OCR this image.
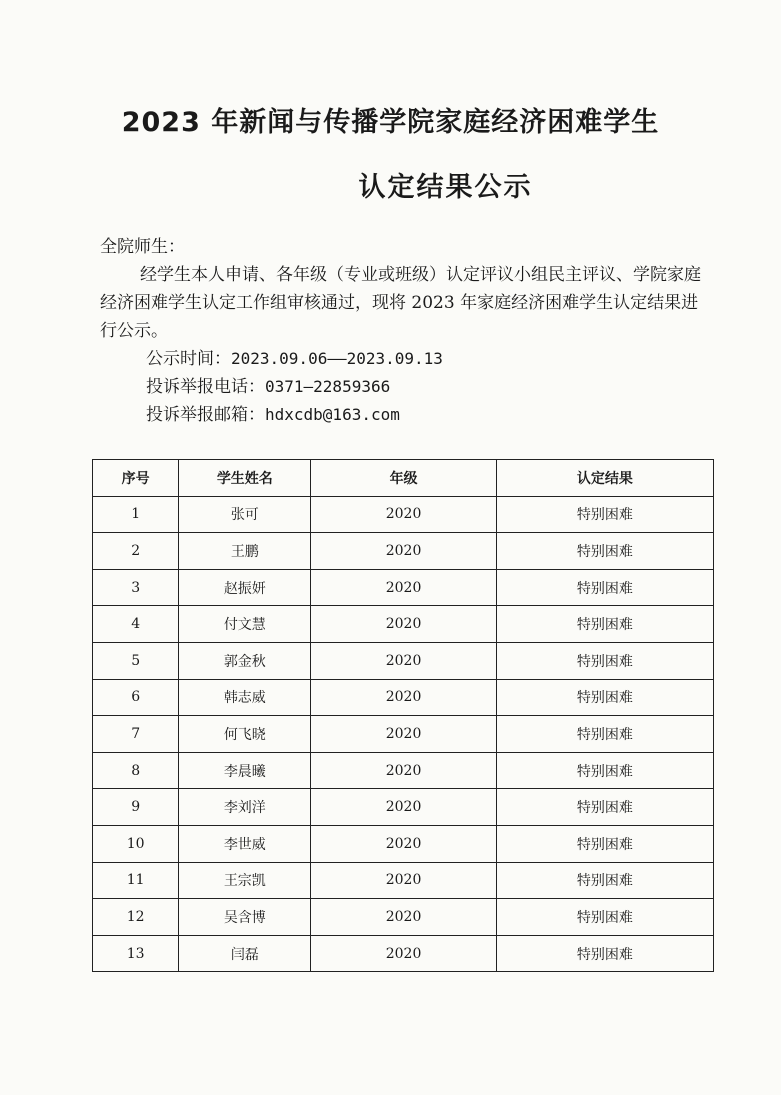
2023 年新闻与传播学院家庭经济困难学生
认定结果公示

全院师生：

经学生本人申请、各年级（专业或班级）认定评议小组民主评议、学院家庭经济困难学生认定工作组审核通过，现将 2023 年家庭经济困难学生认定结果进行公示。

公示时间：2023.09.06——2023.09.13

投诉举报电话：0371—22859366

投诉举报邮箱：hdxcdb@163.com

序号	学生姓名	年级	认定结果
1	张可	2020	特别困难
2	王鹏	2020	特别困难
3	赵振妍	2020	特别困难
4	付文慧	2020	特别困难
5	郭金秋	2020	特别困难
6	韩志威	2020	特别困难
7	何飞晓	2020	特别困难
8	李晨曦	2020	特别困难
9	李刘洋	2020	特别困难
10	李世威	2020	特别困难
11	王宗凯	2020	特别困难
12	吴含博	2020	特别困难
13	闫磊	2020	特别困难
